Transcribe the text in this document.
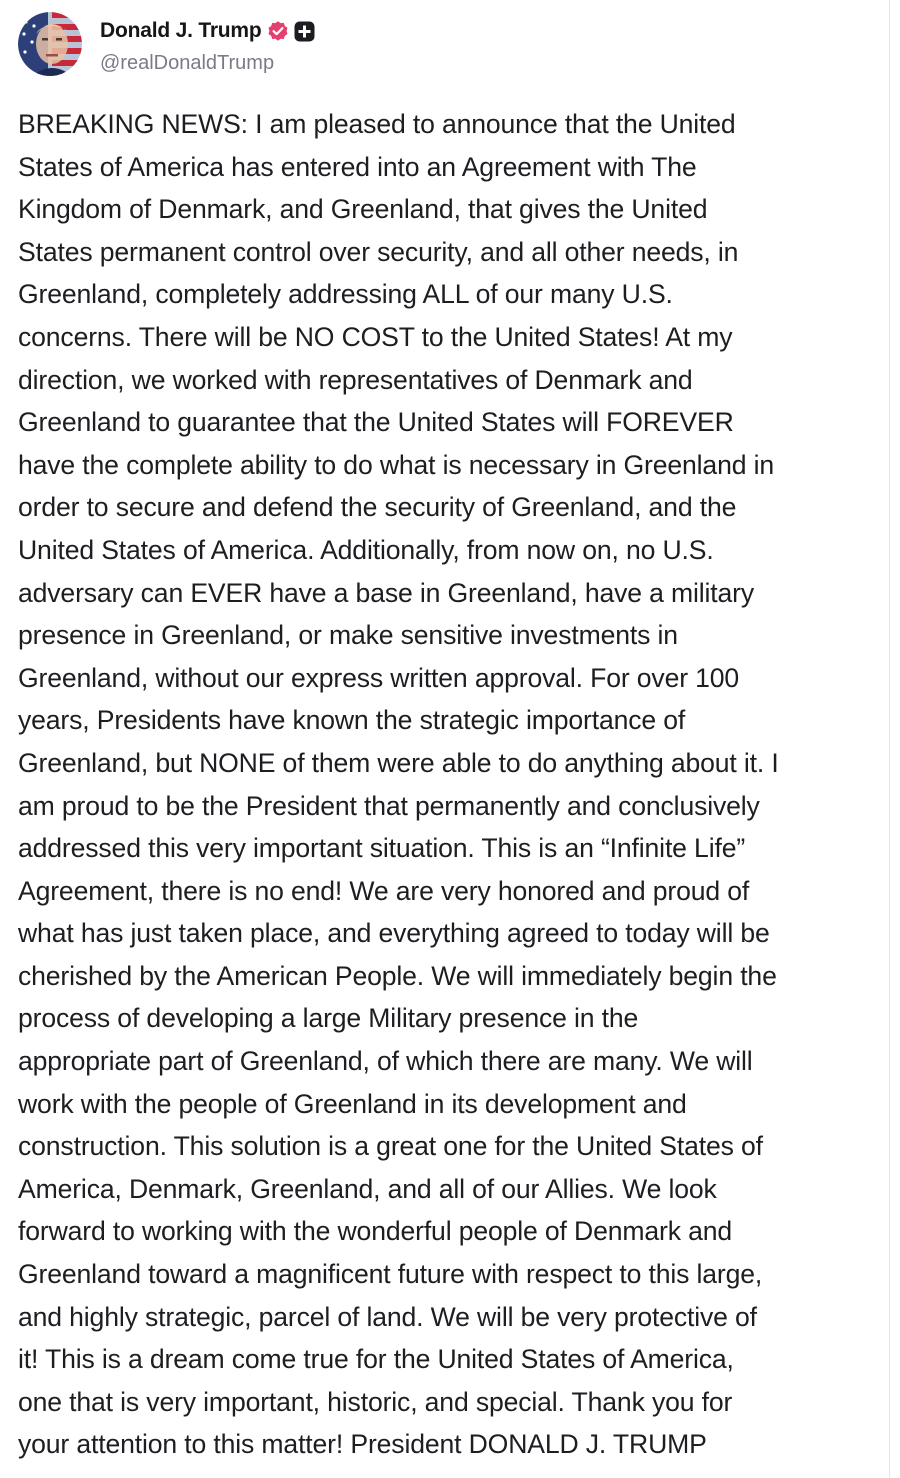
Donald J. Trump
@realDonaldTrump
BREAKING NEWS: I am pleased to announce that the United
States of America has entered into an Agreement with The
Kingdom of Denmark, and Greenland, that gives the United
States permanent control over security, and all other needs, in
Greenland, completely addressing ALL of our many U.S.
concerns. There will be NO COST to the United States! At my
direction, we worked with representatives of Denmark and
Greenland to guarantee that the United States will FOREVER
have the complete ability to do what is necessary in Greenland in
order to secure and defend the security of Greenland, and the
United States of America. Additionally, from now on, no U.S.
adversary can EVER have a base in Greenland, have a military
presence in Greenland, or make sensitive investments in
Greenland, without our express written approval. For over 100
years, Presidents have known the strategic importance of
Greenland, but NONE of them were able to do anything about it. I
am proud to be the President that permanently and conclusively
addressed this very important situation. This is an “Infinite Life”
Agreement, there is no end! We are very honored and proud of
what has just taken place, and everything agreed to today will be
cherished by the American People. We will immediately begin the
process of developing a large Military presence in the
appropriate part of Greenland, of which there are many. We will
work with the people of Greenland in its development and
construction. This solution is a great one for the United States of
America, Denmark, Greenland, and all of our Allies. We look
forward to working with the wonderful people of Denmark and
Greenland toward a magnificent future with respect to this large,
and highly strategic, parcel of land. We will be very protective of
it! This is a dream come true for the United States of America,
one that is very important, historic, and special. Thank you for
your attention to this matter! President DONALD J. TRUMP
